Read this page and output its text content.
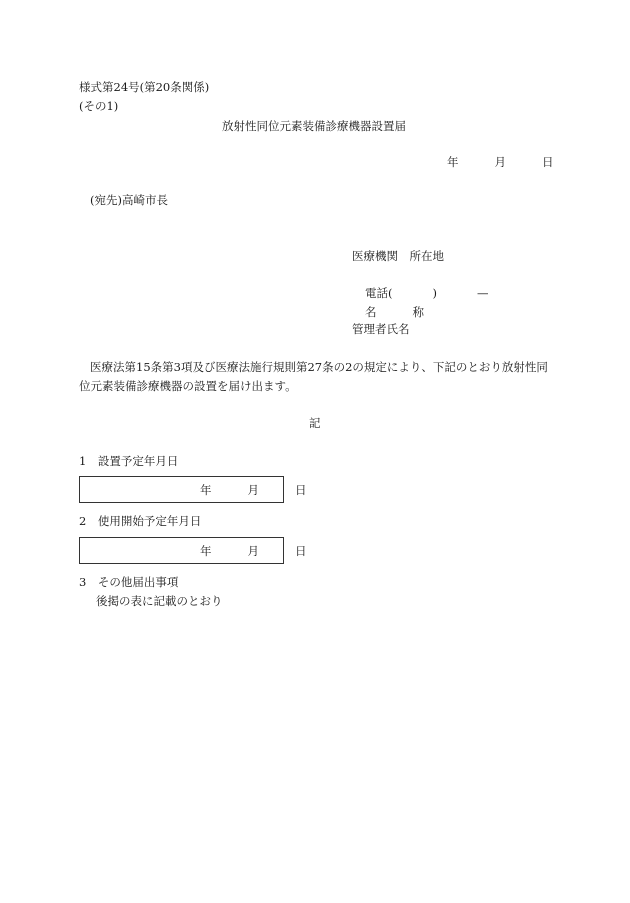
様式第24号(第20条関係)
(その1)
放射性同位元素装備診療機器設置届
年	月	日
(宛先)高崎市長
医療機関　所在地
電話(	)	—
名	称
管理者氏名
医療法第15条第3項及び医療法施行規則第27条の2の規定により、下記のとおり放射性同
位元素装備診療機器の設置を届け出ます。
記
1　設置予定年月日
年	月	日
2　使用開始予定年月日
年	月	日
3　その他届出事項
後掲の表に記載のとおり
